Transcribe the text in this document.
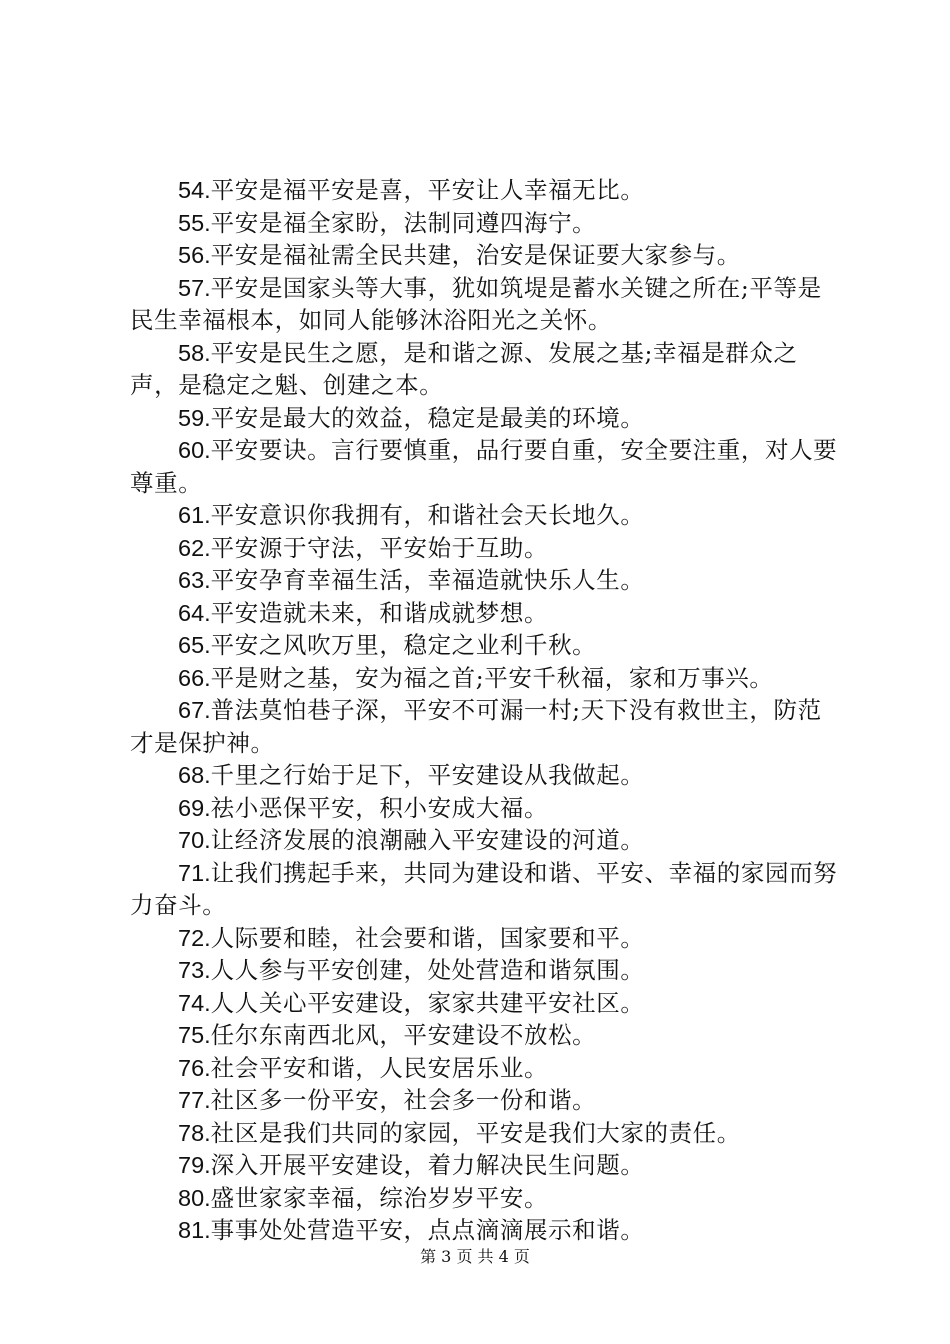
54.平安是福平安是喜，平安让人幸福无比。

55.平安是福全家盼，法制同遵四海宁。

56.平安是福祉需全民共建，治安是保证要大家参与。

57.平安是国家头等大事，犹如筑堤是蓄水关键之所在;平等是民生幸福根本，如同人能够沐浴阳光之关怀。

58.平安是民生之愿，是和谐之源、发展之基;幸福是群众之声，是稳定之魁、创建之本。

59.平安是最大的效益，稳定是最美的环境。

60.平安要诀。言行要慎重，品行要自重，安全要注重，对人要尊重。

61.平安意识你我拥有，和谐社会天长地久。

62.平安源于守法，平安始于互助。

63.平安孕育幸福生活，幸福造就快乐人生。

64.平安造就未来，和谐成就梦想。

65.平安之风吹万里，稳定之业利千秋。

66.平是财之基，安为福之首;平安千秋福，家和万事兴。

67.普法莫怕巷子深，平安不可漏一村;天下没有救世主，防范才是保护神。

68.千里之行始于足下，平安建设从我做起。

69.祛小恶保平安，积小安成大福。

70.让经济发展的浪潮融入平安建设的河道。

71.让我们携起手来，共同为建设和谐、平安、幸福的家园而努力奋斗。

72.人际要和睦，社会要和谐，国家要和平。

73.人人参与平安创建，处处营造和谐氛围。

74.人人关心平安建设，家家共建平安社区。

75.任尔东南西北风，平安建设不放松。

76.社会平安和谐，人民安居乐业。

77.社区多一份平安，社会多一份和谐。

78.社区是我们共同的家园，平安是我们大家的责任。

79.深入开展平安建设，着力解决民生问题。

80.盛世家家幸福，综治岁岁平安。

81.事事处处营造平安，点点滴滴展示和谐。

第 3 页 共 4 页
